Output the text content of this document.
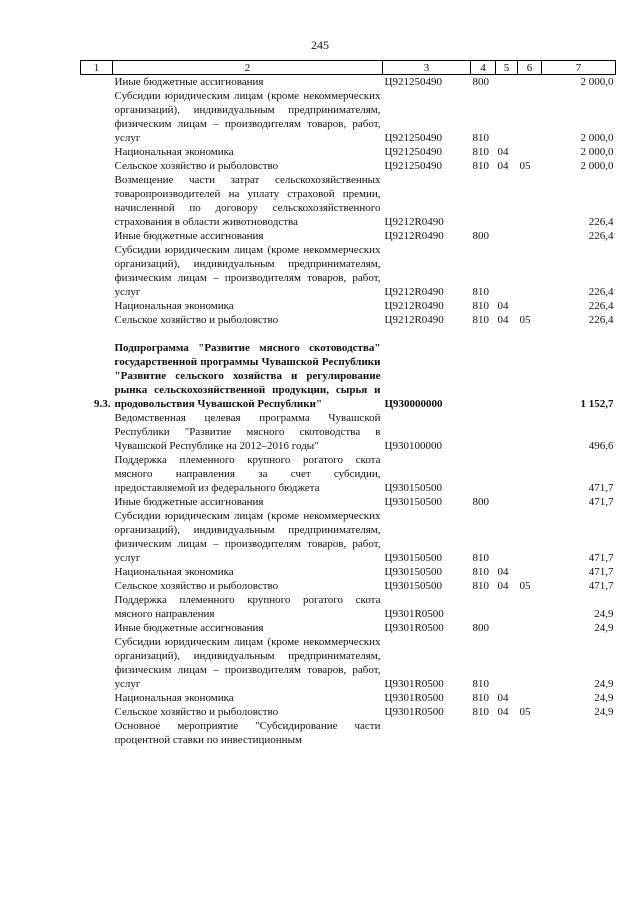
245
1	2	3	4	5	6	7
	Иные бюджетные ассигнования	Ц921250490	800			2 000,0
	Субсидии юридическим лицам (кроме некоммерческих организаций), индивидуальным предпринимателям, физическим лицам – производителям товаров, работ, услуг	Ц921250490	810			2 000,0
	Национальная экономика	Ц921250490	810	04		2 000,0
	Сельское хозяйство и рыболовство	Ц921250490	810	04	05	2 000,0
	Возмещение части затрат сельскохозяйственных товаропроизводителей на уплату страховой премии, начисленной по договору сельскохозяйственного страхования в области животноводства	Ц9212R0490				226,4
	Иные бюджетные ассигнования	Ц9212R0490	800			226,4
	Субсидии юридическим лицам (кроме некоммерческих организаций), индивидуальным предпринимателям, физическим лицам – производителям товаров, работ, услуг	Ц9212R0490	810			226,4
	Национальная экономика	Ц9212R0490	810	04		226,4
	Сельское хозяйство и рыболовство	Ц9212R0490	810	04	05	226,4

9.3.	Подпрограмма "Развитие мясного скотоводства" государственной программы Чувашской Республики "Развитие сельского хозяйства и регулирование рынка сельскохозяйственной продукции, сырья и продовольствия Чувашской Республики"	Ц930000000				1 152,7
	Ведомственная целевая программа Чувашской Республики "Развитие мясного скотоводства в Чувашской Республике на 2012–2016 годы"	Ц930100000				496,6
	Поддержка племенного крупного рогатого скота мясного направления за счет субсидии, предоставляемой из федерального бюджета	Ц930150500				471,7
	Иные бюджетные ассигнования	Ц930150500	800			471,7
	Субсидии юридическим лицам (кроме некоммерческих организаций), индивидуальным предпринимателям, физическим лицам – производителям товаров, работ, услуг	Ц930150500	810			471,7
	Национальная экономика	Ц930150500	810	04		471,7
	Сельское хозяйство и рыболовство	Ц930150500	810	04	05	471,7
	Поддержка племенного крупного рогатого скота мясного направления	Ц9301R0500				24,9
	Иные бюджетные ассигнования	Ц9301R0500	800			24,9
	Субсидии юридическим лицам (кроме некоммерческих организаций), индивидуальным предпринимателям, физическим лицам – производителям товаров, работ, услуг	Ц9301R0500	810			24,9
	Национальная экономика	Ц9301R0500	810	04		24,9
	Сельское хозяйство и рыболовство	Ц9301R0500	810	04	05	24,9
	Основное мероприятие "Субсидирование части процентной ставки по инвестиционным					
